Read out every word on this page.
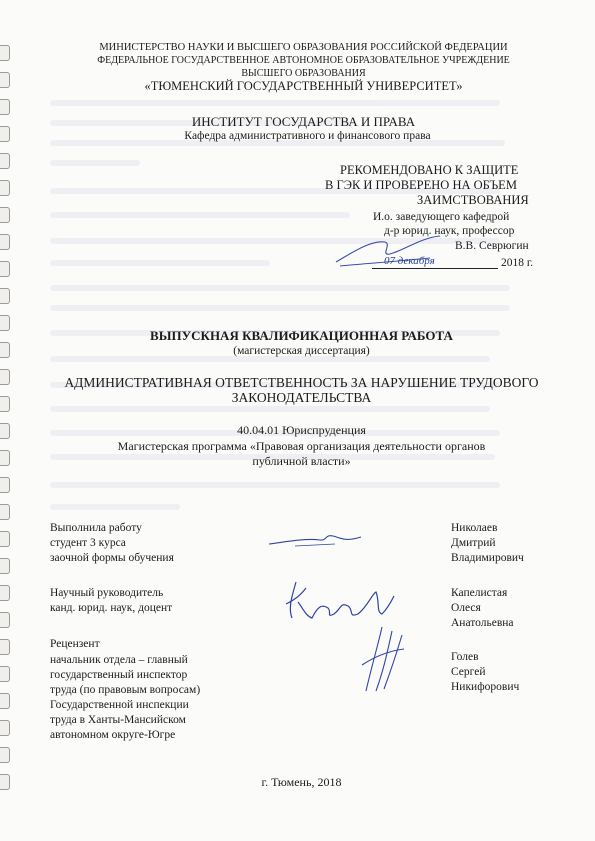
МИНИСТЕРСТВО НАУКИ И ВЫСШЕГО ОБРАЗОВАНИЯ РОССИЙСКОЙ ФЕДЕРАЦИИ
ФЕДЕРАЛЬНОЕ ГОСУДАРСТВЕННОЕ АВТОНОМНОЕ ОБРАЗОВАТЕЛЬНОЕ УЧРЕЖДЕНИЕ
ВЫСШЕГО ОБРАЗОВАНИЯ
«ТЮМЕНСКИЙ ГОСУДАРСТВЕННЫЙ УНИВЕРСИТЕТ»
ИНСТИТУТ ГОСУДАРСТВА И ПРАВА
Кафедра административного и финансового права
РЕКОМЕНДОВАНО К ЗАЩИТЕ
В ГЭК И ПРОВЕРЕНО НА ОБЪЕМ
ЗАИМСТВОВАНИЯ
И.о. заведующего кафедрой
д-р юрид. наук, профессор
В.В. Севрюгин
07 декабря	2018 г.
ВЫПУСКНАЯ КВАЛИФИКАЦИОННАЯ РАБОТА
(магистерская диссертация)
АДМИНИСТРАТИВНАЯ ОТВЕТСТВЕННОСТЬ ЗА НАРУШЕНИЕ ТРУДОВОГО
ЗАКОНОДАТЕЛЬСТВА
40.04.01 Юриспруденция
Магистерская программа «Правовая организация деятельности органов
публичной власти»
Выполнила работу
студент 3 курса
заочной формы обучения
Николаев
Дмитрий
Владимирович
Научный руководитель
канд. юрид. наук, доцент
Капелистая
Олеся
Анатольевна
Рецензент
начальник отдела – главный
государственный инспектор
труда (по правовым вопросам)
Государственной инспекции
труда в Ханты-Мансийском
автономном округе-Югре
Голев
Сергей
Никифорович
г. Тюмень, 2018
